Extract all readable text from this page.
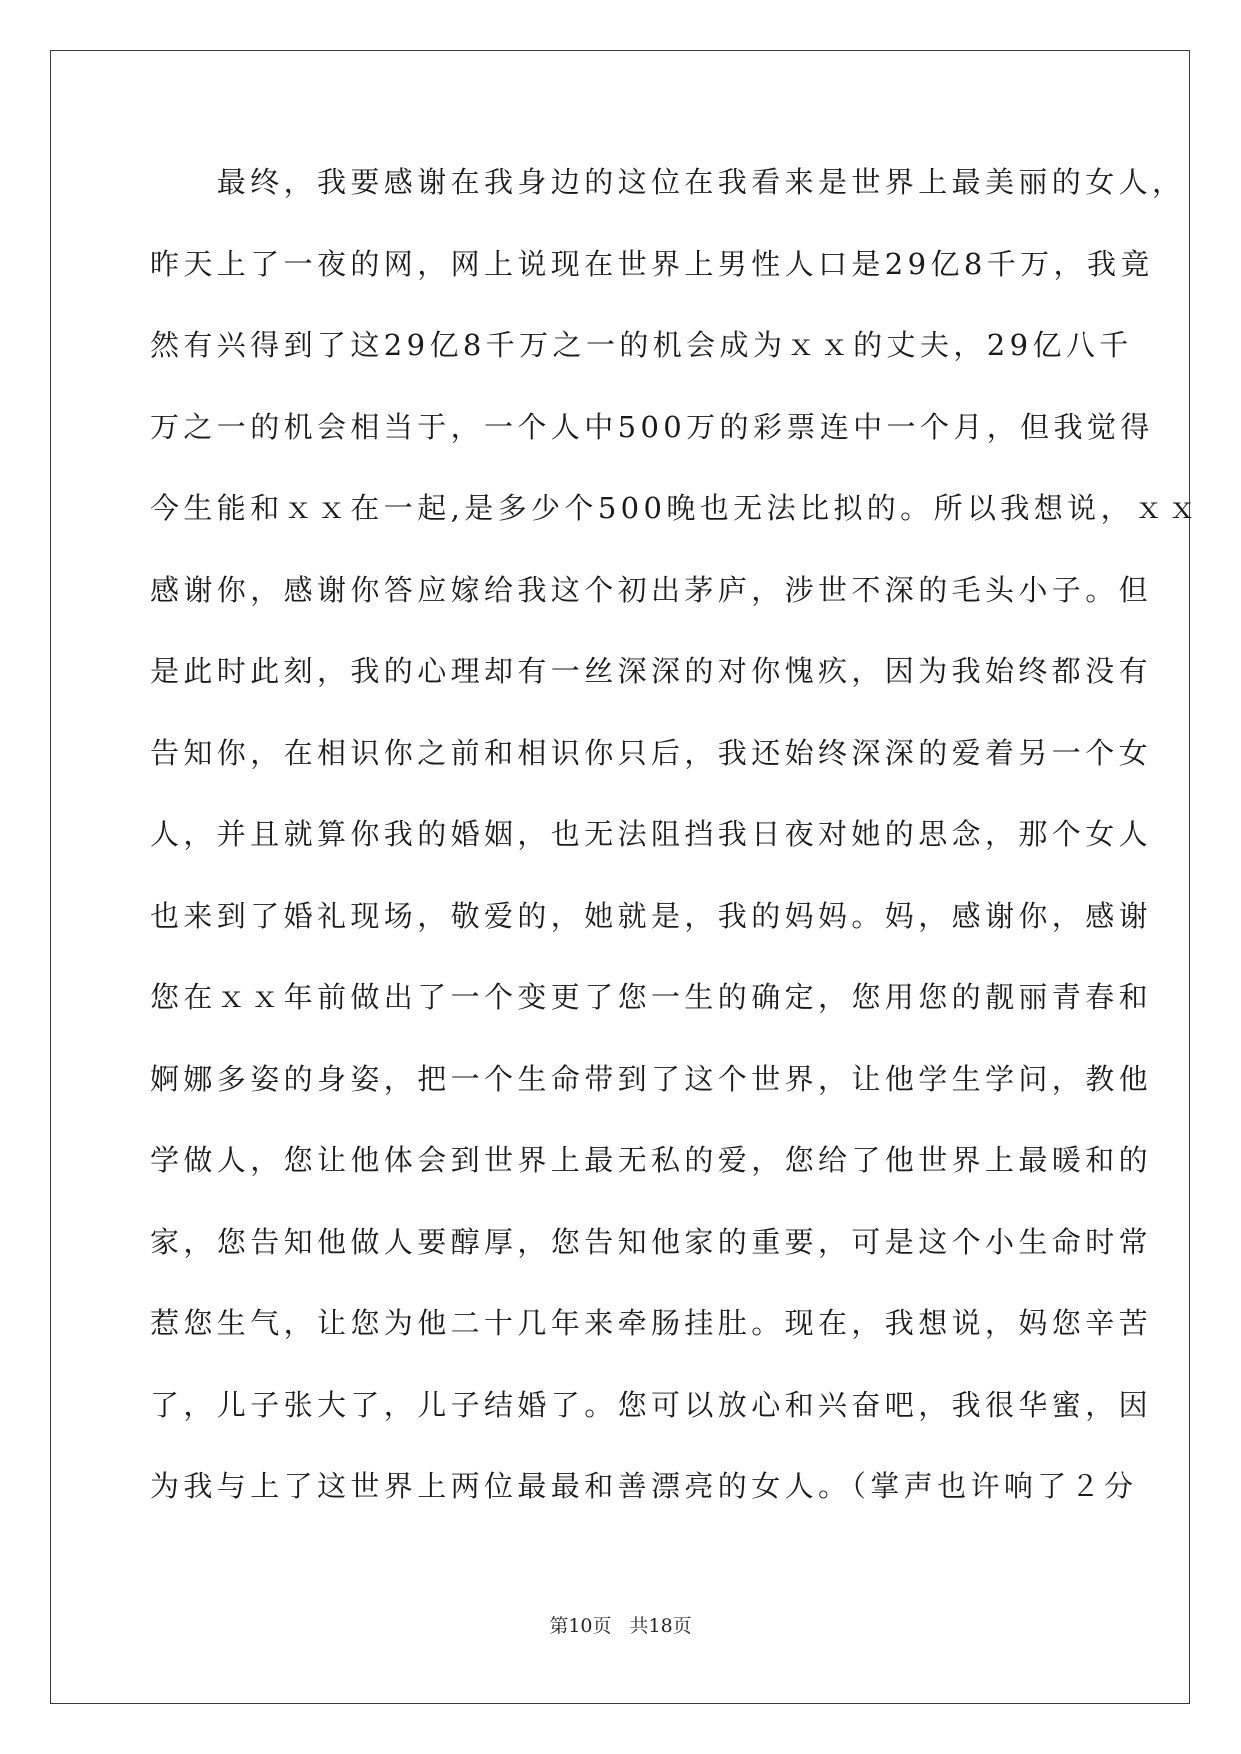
　　最终，我要感谢在我身边的这位在我看来是世界上最美丽的女人，
昨天上了一夜的网，网上说现在世界上男性人口是29亿8千万，我竟
然有兴得到了这29亿8千万之一的机会成为ｘｘ的丈夫，29亿八千
万之一的机会相当于，一个人中500万的彩票连中一个月，但我觉得
今生能和ｘｘ在一起,是多少个500晚也无法比拟的。所以我想说，ｘｘ
感谢你，感谢你答应嫁给我这个初出茅庐，涉世不深的毛头小子。但
是此时此刻，我的心理却有一丝深深的对你愧疚，因为我始终都没有
告知你，在相识你之前和相识你只后，我还始终深深的爱着另一个女
人，并且就算你我的婚姻，也无法阻挡我日夜对她的思念，那个女人
也来到了婚礼现场，敬爱的，她就是，我的妈妈。妈，感谢你，感谢
您在ｘｘ年前做出了一个变更了您一生的确定，您用您的靓丽青春和
婀娜多姿的身姿，把一个生命带到了这个世界，让他学生学问，教他
学做人，您让他体会到世界上最无私的爱，您给了他世界上最暖和的
家，您告知他做人要醇厚，您告知他家的重要，可是这个小生命时常
惹您生气，让您为他二十几年来牵肠挂肚。现在，我想说，妈您辛苦
了，儿子张大了，儿子结婚了。您可以放心和兴奋吧，我很华蜜，因
为我与上了这世界上两位最最和善漂亮的女人。（掌声也许响了２分
第10页 共18页
